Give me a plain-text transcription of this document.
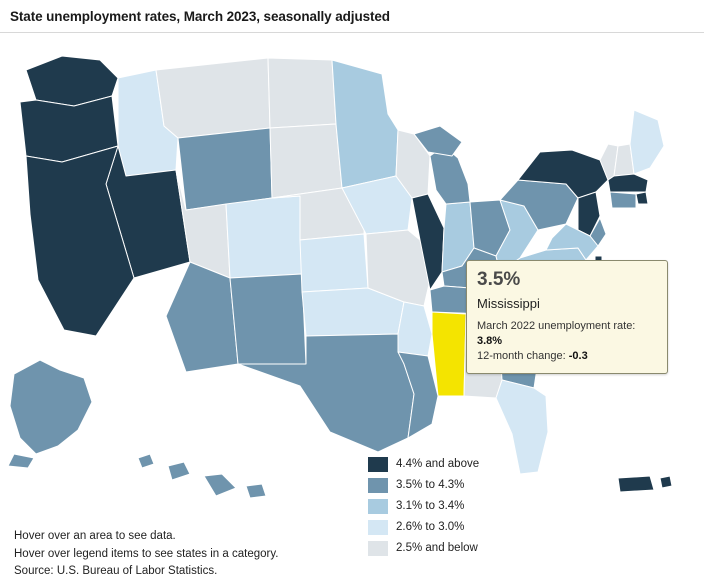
State unemployment rates, March 2023, seasonally adjusted
3.5%
Mississippi
March 2022 unemployment rate: 3.8%
12-month change: -0.3
4.4% and above
3.5% to 4.3%
3.1% to 3.4%
2.6% to 3.0%
2.5% and below
Hover over an area to see data.
Hover over legend items to see states in a category.
Source: U.S. Bureau of Labor Statistics.
